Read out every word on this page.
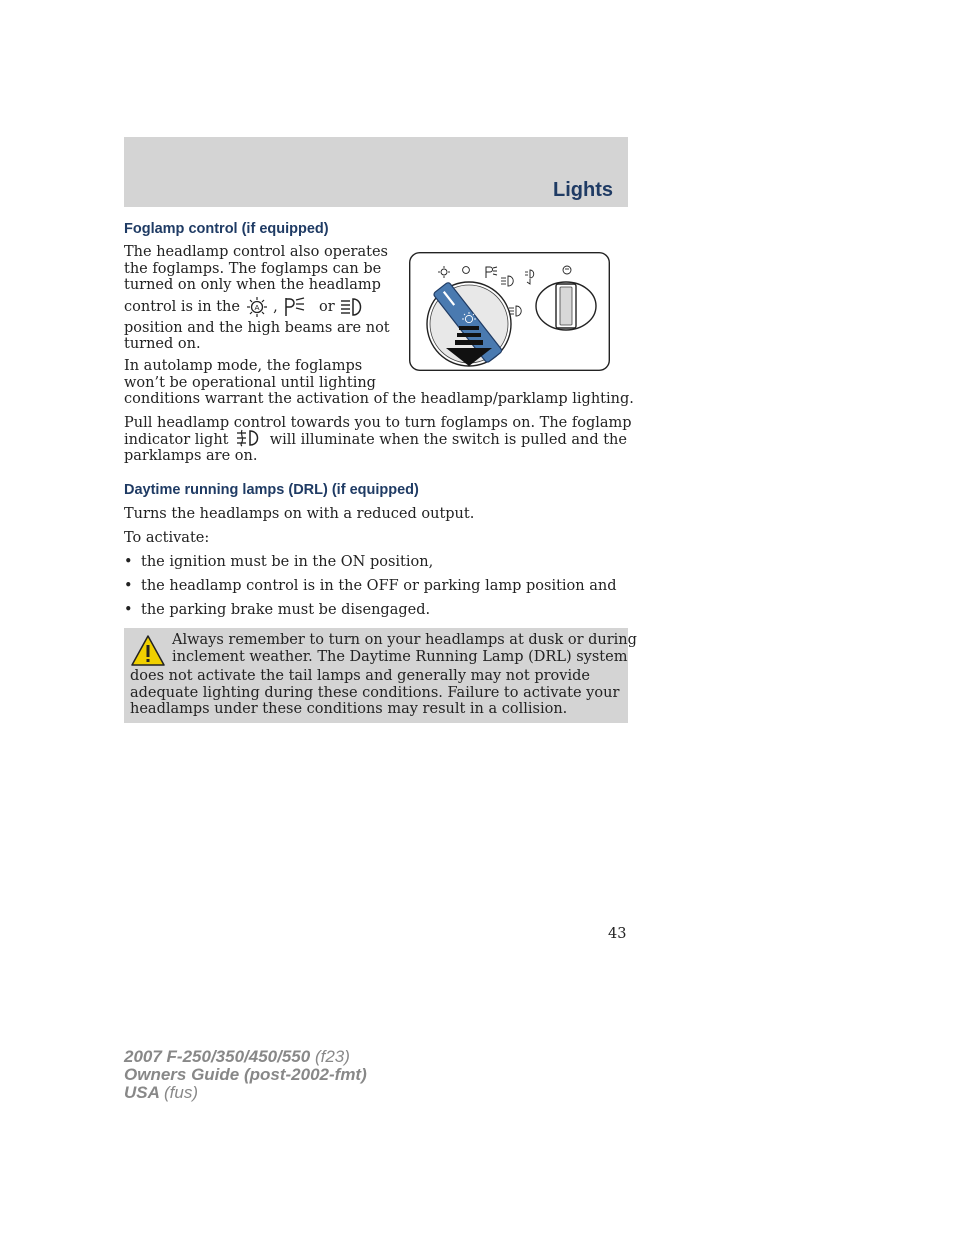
Lights
Foglamp control (if equipped)
The headlamp control also operates
the foglamps. The foglamps can be
turned on only when the headlamp
control is in the A ,	or
position and the high beams are not
turned on.
In autolamp mode, the foglamps
won’t be operational until lighting
conditions warrant the activation of the headlamp/parklamp lighting.
Pull headlamp control towards you to turn foglamps on. The foglamp
indicator light	will illuminate when the switch is pulled and the
parklamps are on.
Daytime running lamps (DRL) (if equipped)
Turns the headlamps on with a reduced output.
To activate:
• the ignition must be in the ON position,
• the headlamp control is in the OFF or parking lamp position and
• the parking brake must be disengaged.
Always remember to turn on your headlamps at dusk or during
inclement weather. The Daytime Running Lamp (DRL) system
does not activate the tail lamps and generally may not provide
adequate lighting during these conditions. Failure to activate your
headlamps under these conditions may result in a collision.
43
2007 F-250/350/450/550 (f23)
Owners Guide (post-2002-fmt)
USA (fus)
